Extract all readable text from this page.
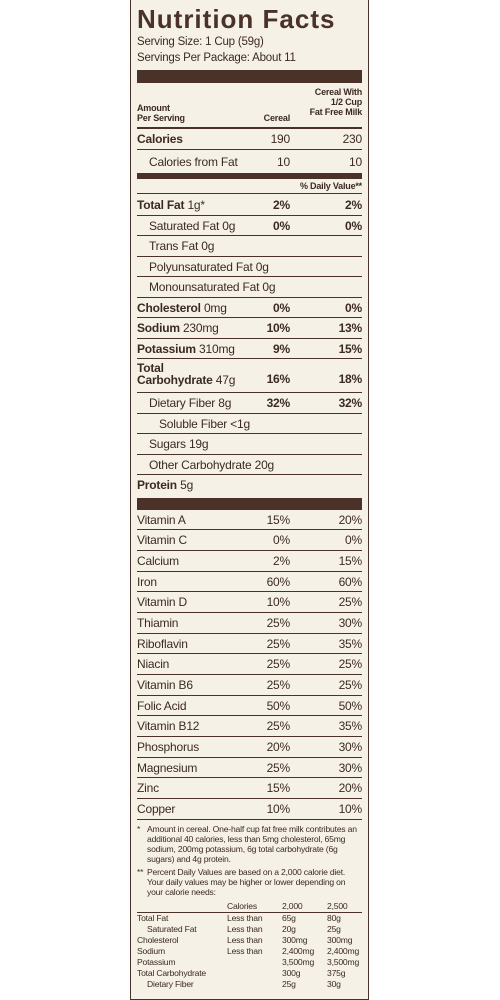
Nutrition Facts
Serving Size: 1 Cup (59g)
Servings Per Package: About 11
Amount
Per Serving	Cereal
Cereal With
1/2 Cup
Fat Free Milk
Calories	190	230
Calories from Fat	10	10
% Daily Value**
Total Fat 1g*	2%	2%
Saturated Fat 0g	0%	0%
Trans Fat 0g
Polyunsaturated Fat 0g
Monounsaturated Fat 0g
Cholesterol 0mg	0%	0%
Sodium 230mg	10%	13%
Potassium 310mg	9%	15%
Total
Carbohydrate 47g	16%	18%
Dietary Fiber 8g	32%	32%
Soluble Fiber <1g
Sugars 19g
Other Carbohydrate 20g
Protein 5g
Vitamin A	15%	20%
Vitamin C	0%	0%
Calcium	2%	15%
Iron	60%	60%
Vitamin D	10%	25%
Thiamin	25%	30%
Riboflavin	25%	35%
Niacin	25%	25%
Vitamin B6	25%	25%
Folic Acid	50%	50%
Vitamin B12	25%	35%
Phosphorus	20%	30%
Magnesium	25%	30%
Zinc	15%	20%
Copper	10%	10%
* Amount in cereal. One-half cup fat free milk contributes an additional 40 calories, less than 5mg cholesterol, 65mg sodium, 200mg potassium, 6g total carbohydrate (6g sugars) and 4g protein.
** Percent Daily Values are based on a 2,000 calorie diet. Your daily values may be higher or lower depending on your calorie needs:
	Calories	2,000	2,500
Total Fat	Less than	65g	80g
Saturated Fat	Less than	20g	25g
Cholesterol	Less than	300mg	300mg
Sodium	Less than	2,400mg	2,400mg
Potassium		3,500mg	3,500mg
Total Carbohydrate		300g	375g
Dietary Fiber		25g	30g
